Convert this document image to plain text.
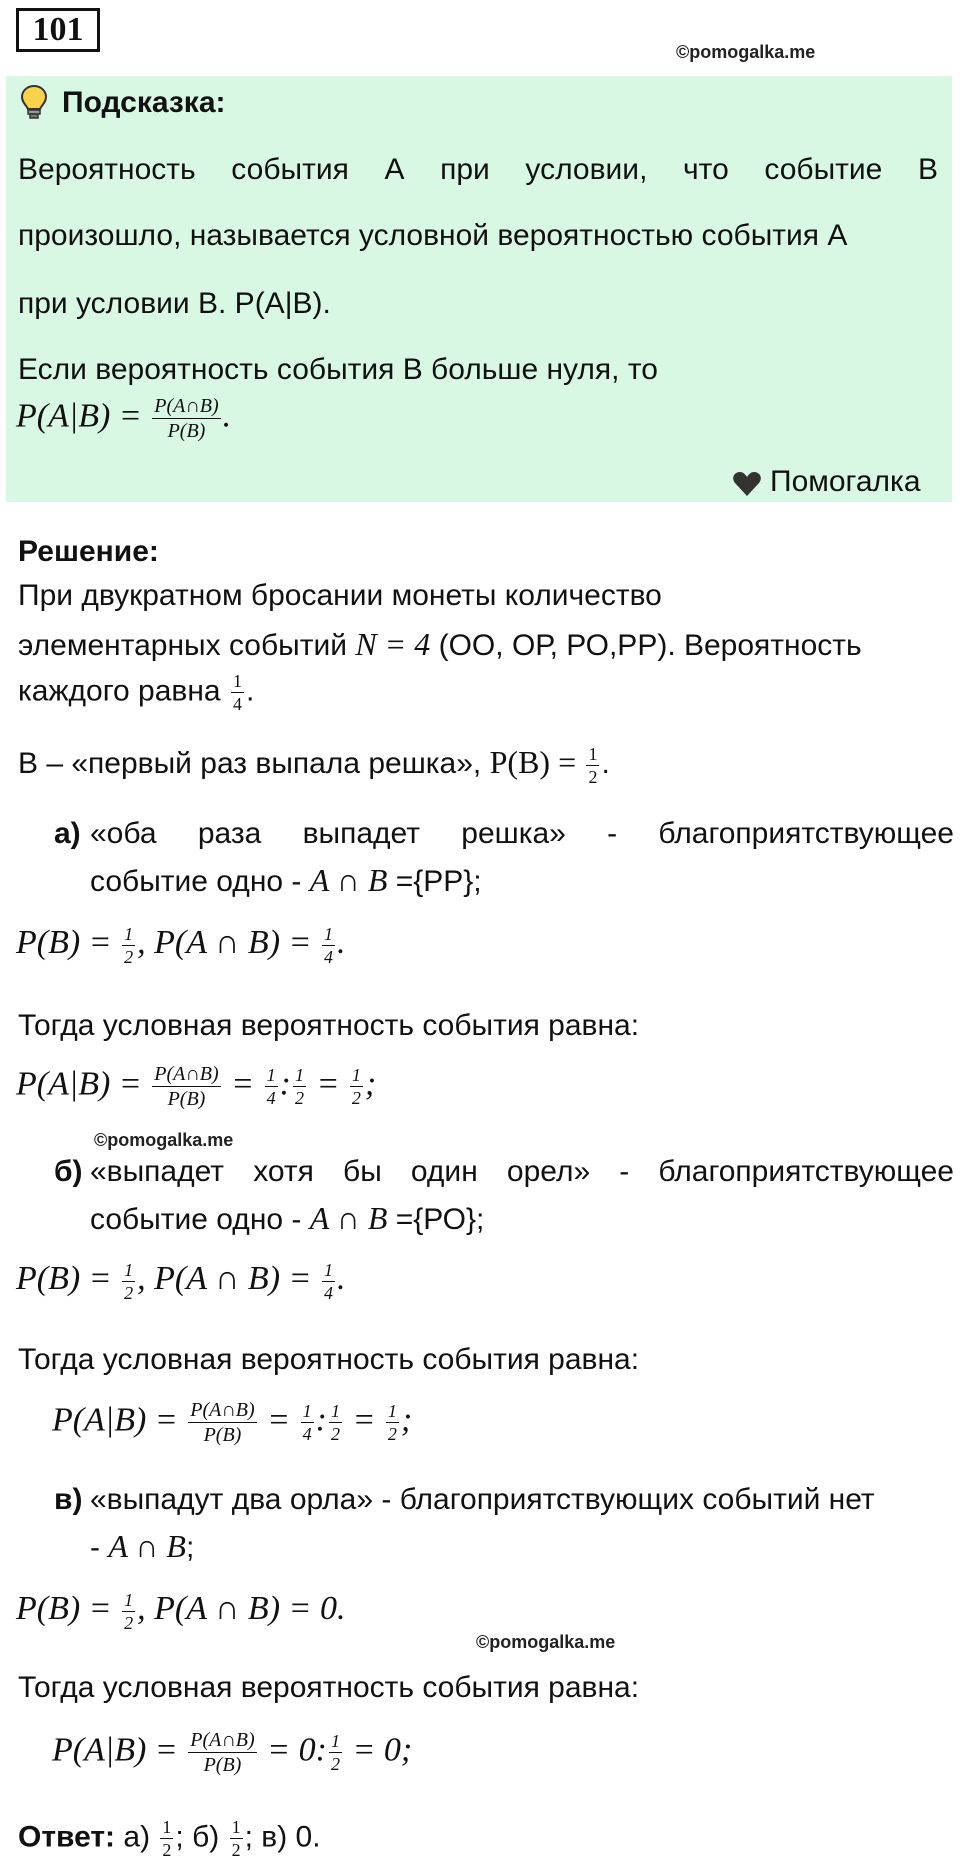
101
©pomogalka.me
Подсказка:
Вероятность события А при условии, что событие В
произошло, называется условной вероятностью события А
при условии В. Р(А|В).
Если вероятность события В больше нуля, то
$P(A|B) = \frac{P(A\cap B)}{P(B)}$ .
Помогалка
Решение:
При двукратном бросании монеты количество
элементарных событий N = 4 (ОО, ОР, РО,РР). Вероятность
каждого равна $\frac{1}{4}$ .
В – «первый раз выпала решка», $P(B) = \frac{1}{2}$ .
а) «оба раза выпадет решка» - благоприятствующее
событие одно - A ∩ B ={РР};
$P(B) = \frac{1}{2}$ , P(A ∩ $B) = \frac{1}{4}$ .
Тогда условная вероятность события равна:
$P(A|B) = \frac{P(A\cap B)}{P(B)} = \frac{1}{4}$ : $\frac{1}{2} = \frac{1}{2}$ ;
©pomogalka.me
б) «выпадет хотя бы один орел» - благоприятствующее
событие одно - A ∩ B ={РО};
$P(B) = \frac{1}{2}$ , P(A ∩ $B) = \frac{1}{4}$ .
Тогда условная вероятность события равна:
$P(A|B) = \frac{P(A\cap B)}{P(B)} = \frac{1}{4}$ : $\frac{1}{2} = \frac{1}{2}$ ;
в) «выпадут два орла» - благоприятствующих событий нет
- A ∩ B;
$P(B) = \frac{1}{2}$ , P(A ∩ B) = 0.
©pomogalka.me
Тогда условная вероятность события равна:
$P(A|B) = \frac{P(A\cap B)}{P(B)} = 0$: $\frac{1}{2} = 0$;
Ответ: $а) \frac{1}{2}$ ; $б) \frac{1}{2}$ ; в) 0.
